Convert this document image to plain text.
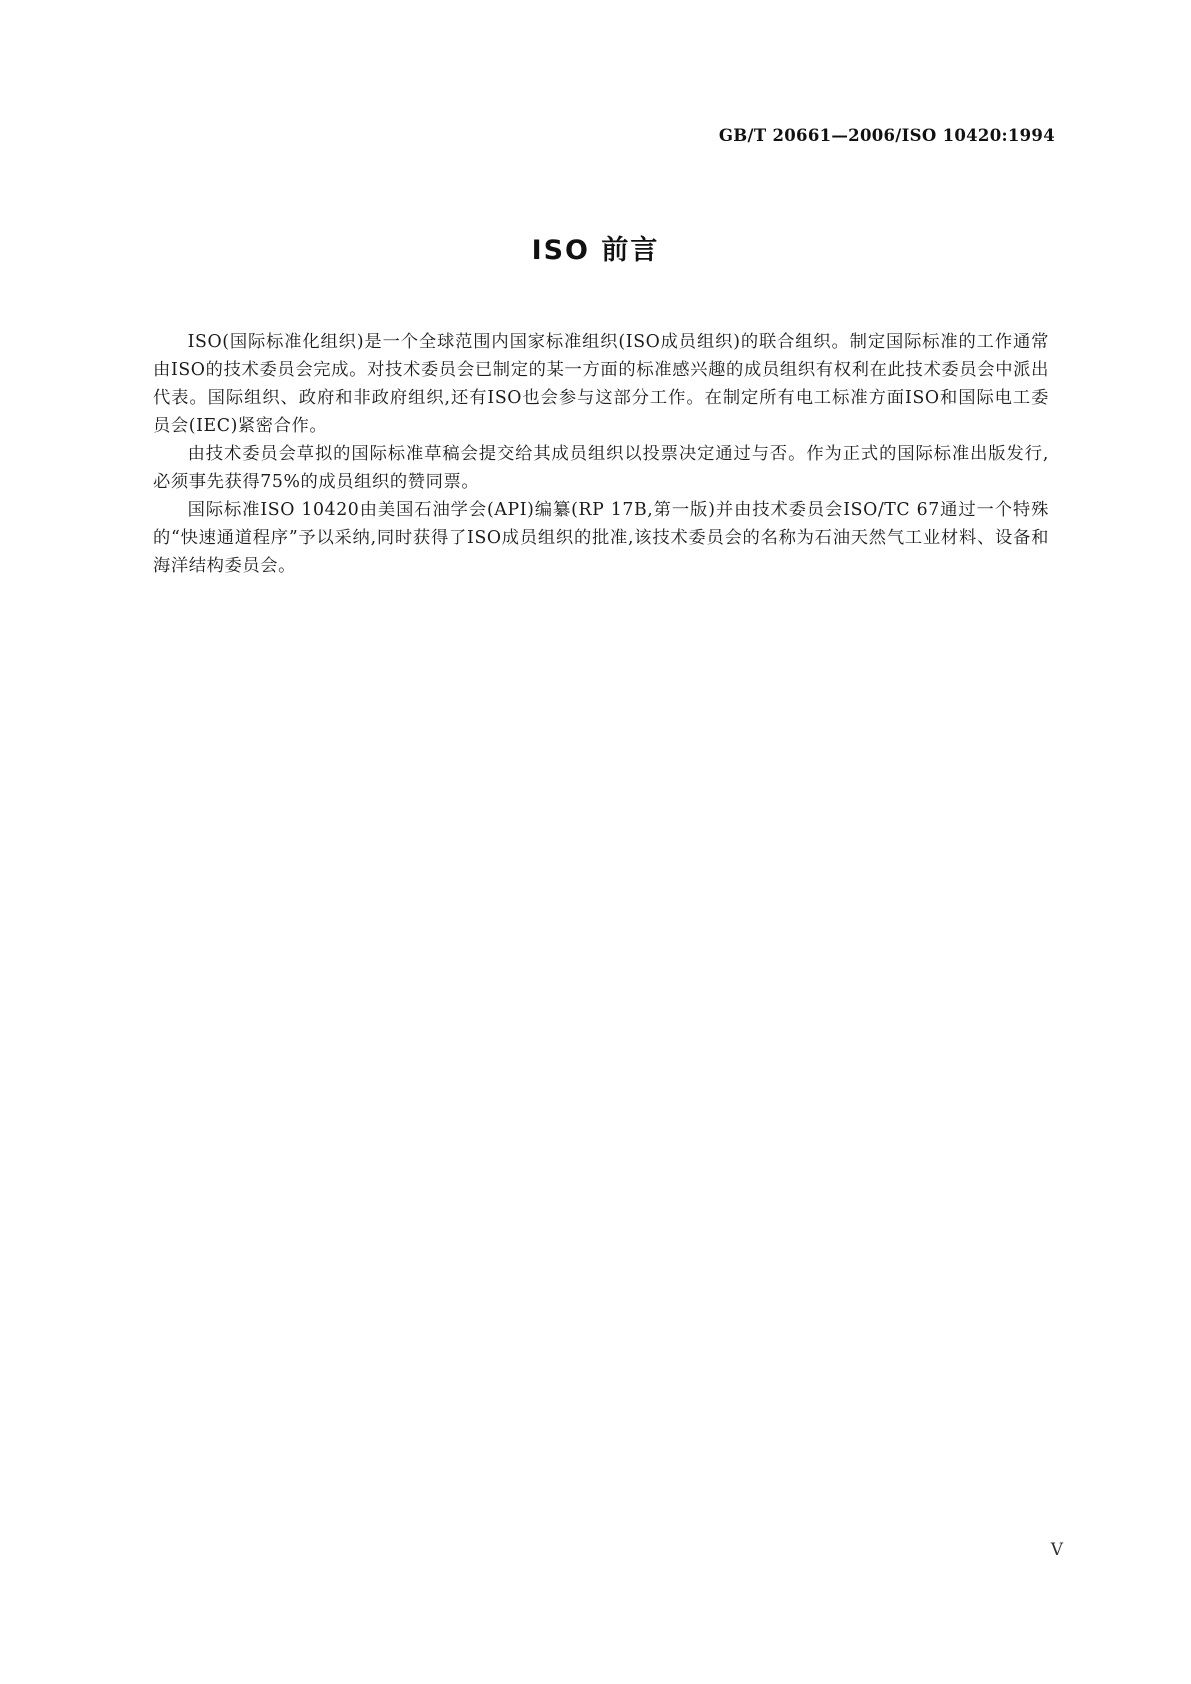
GB/T 20661—2006/ISO 10420:1994
ISO 前言

ISO(国际标准化组织)是一个全球范围内国家标准组织(ISO成员组织)的联合组织。制定国际标准的工作通常由ISO的技术委员会完成。对技术委员会已制定的某一方面的标准感兴趣的成员组织有权利在此技术委员会中派出代表。国际组织、政府和非政府组织,还有ISO也会参与这部分工作。在制定所有电工标准方面ISO和国际电工委员会(IEC)紧密合作。

由技术委员会草拟的国际标准草稿会提交给其成员组织以投票决定通过与否。作为正式的国际标准出版发行,必须事先获得75%的成员组织的赞同票。

国际标准ISO 10420由美国石油学会(API)编纂(RP 17B,第一版)并由技术委员会ISO/TC 67通过一个特殊的“快速通道程序”予以采纳,同时获得了ISO成员组织的批准,该技术委员会的名称为石油天然气工业材料、设备和海洋结构委员会。

V
